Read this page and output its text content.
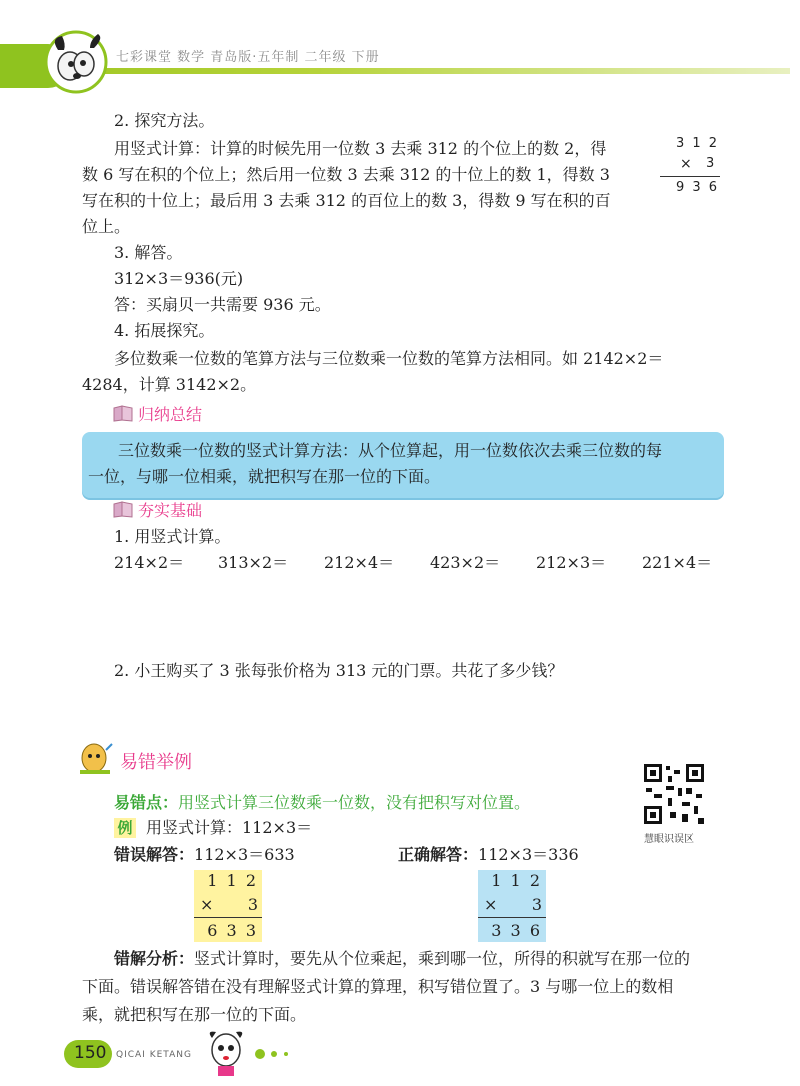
七彩课堂 数学 青岛版·五年制 二年级 下册
2. 探究方法。
用竖式计算：计算的时候先用一位数 3 去乘 312 的个位上的数 2，得
数 6 写在积的个位上；然后用一位数 3 去乘 312 的十位上的数 1，得数 3
写在积的十位上；最后用 3 去乘 312 的百位上的数 3，得数 9 写在积的百
位上。
3 1 2
× 3
9 3 6
3. 解答。
312×3＝936(元)
答：买扇贝一共需要 936 元。
4. 拓展探究。
多位数乘一位数的笔算方法与三位数乘一位数的笔算方法相同。如 2142×2＝
4284，计算 3142×2。
归纳总结
三位数乘一位数的竖式计算方法：从个位算起，用一位数依次去乘三位数的每
一位，与哪一位相乘，就把积写在那一位的下面。
夯实基础
1. 用竖式计算。
214×2＝ 313×2＝ 212×4＝ 423×2＝ 212×3＝ 221×4＝
2. 小王购买了 3 张每张价格为 313 元的门票。共花了多少钱？
易错举例
易错点：用竖式计算三位数乘一位数，没有把积写对位置。
例 用竖式计算：112×3＝
错误解答：112×3＝633	正确解答：112×3＝336
慧眼识误区
1 1 2
×	3
6 3 3
1 1 2
×	3
3 3 6
错解分析：竖式计算时，要先从个位乘起，乘到哪一位，所得的积就写在那一位的
下面。错误解答错在没有理解竖式计算的算理，积写错位置了。3 与哪一位上的数相
乘，就把积写在那一位的下面。
150 QICAI KETANG
